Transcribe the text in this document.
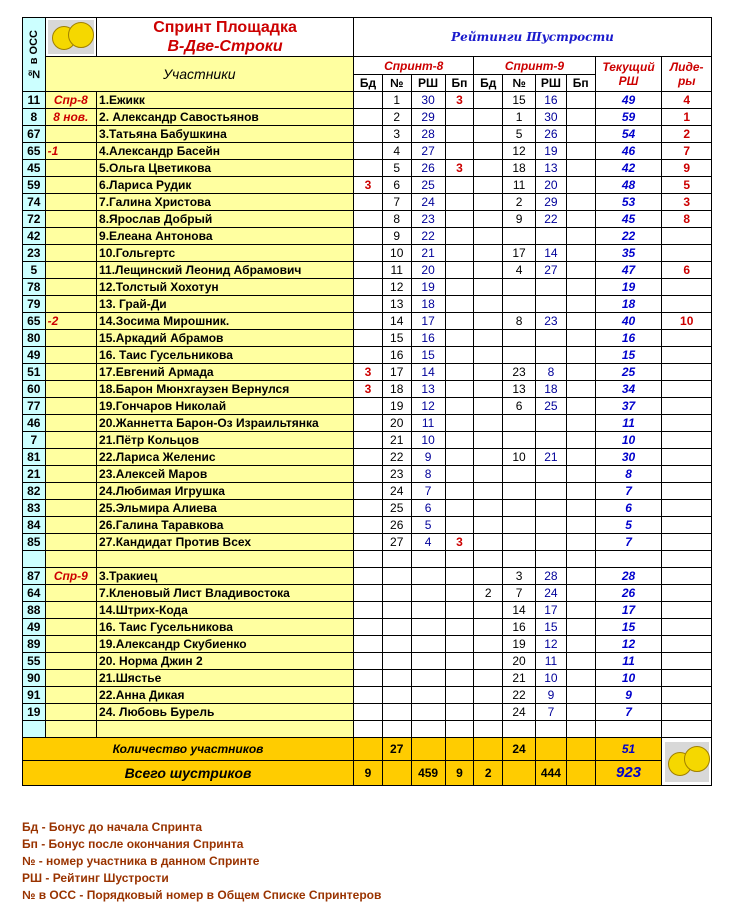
№ в ОСС		Спринт Площадка
В-Две-Строки	Рейтинги Шустрости									
	Участники		Спринт-8				Спринт-9				Текущий РШ	Лиде-ры
			Бд	№	РШ	Бп	Бд	№	РШ	Бп		
11	Спр-8	1.Ежикк		1	30	3		15	16		49	4
8	8 нов.	2. Александр Савостьянов		2	29			1	30		59	1
67		3.Татьяна Бабушкина		3	28			5	26		54	2
65	-1	4.Александр Басейн		4	27			12	19		46	7
45		5.Ольга Цветикова		5	26	3		18	13		42	9
59		6.Лариса Рудик	3	6	25			11	20		48	5
74		7.Галина Христова		7	24			2	29		53	3
72		8.Ярослав Добрый		8	23			9	22		45	8
42		9.Елеана Антонова		9	22						22	
23		10.Гольгертс		10	21			17	14		35	
5		11.Лещинский Леонид Абрамович		11	20			4	27		47	6
78		12.Толстый Хохотун		12	19						19	
79		13. Грай-Ди		13	18						18	
65	-2	14.Зосима Мирошник.		14	17			8	23		40	10
80		15.Аркадий Абрамов		15	16						16	
49		16. Таис Гусельникова		16	15						15	
51		17.Евгений Армада	3	17	14			23	8		25	
60		18.Барон Мюнхгаузен Вернулся	3	18	13			13	18		34	
77		19.Гончаров Николай		19	12			6	25		37	
46		20.Жаннетта Барон-Оз Израильтянка		20	11						11	
7		21.Пётр Кольцов		21	10						10	
81		22.Лариса Желенис		22	9			10	21		30	
21		23.Алексей Маров		23	8						8	
82		24.Любимая Игрушка		24	7						7	
83		25.Эльмира Алиева		25	6						6	
84		26.Галина Таравкова		26	5						5	
85		27.Кандидат Против Всех		27	4	3					7	

87	Спр-9	3.Тракиец						3	28		28	
64		7.Кленовый Лист Владивостока					2	7	24		26	
88		14.Штрих-Кода						14	17		17	
49		16. Таис Гусельникова						16	15		15	
89		19.Александр Скубиенко						19	12		12	
55		20. Норма Джин 2						20	11		11	
90		21.Шястье						21	10		10	
91		22.Анна Дикая						22	9		9	
19		24. Любовь Бурель						24	7		7	

Количество участников				27				24			51	

Всего шустриков			9		459	9	2		444		923	
Бд - Бонус до начала Спринта
Бп - Бонус после окончания Спринта
№ - номер участника в данном Спринте
РШ - Рейтинг Шустрости
№ в ОСС - Порядковый номер в Общем Списке Спринтеров
